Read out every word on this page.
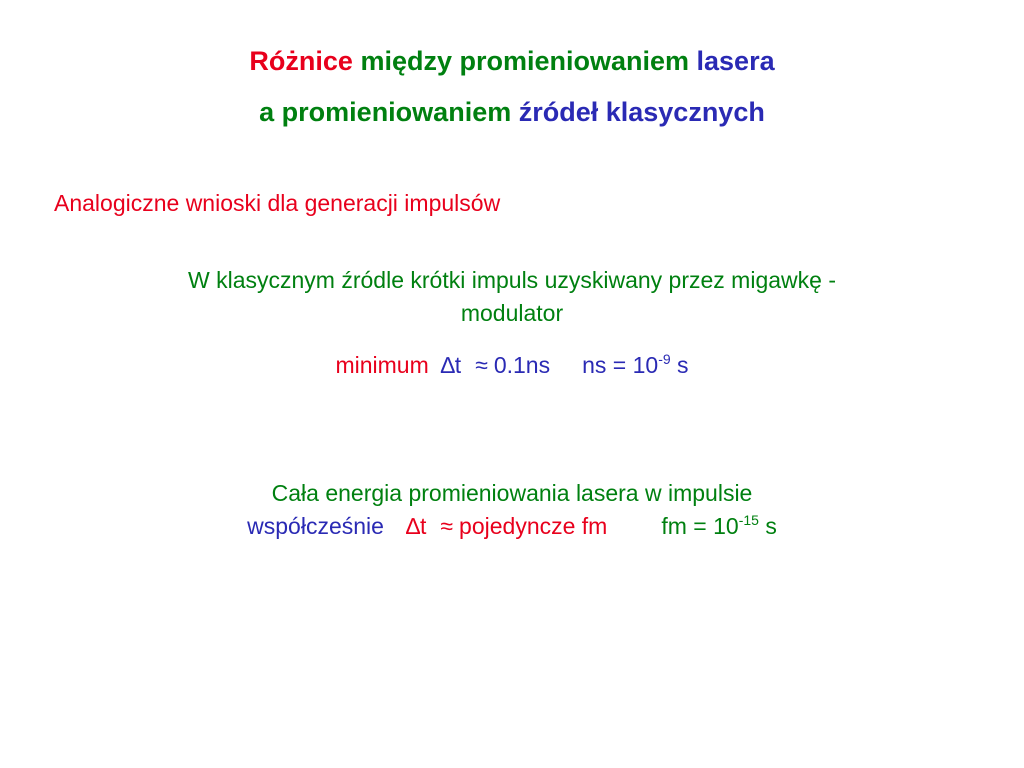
Różnice między promieniowaniem lasera
a promieniowaniem źródeł klasycznych
Analogiczne wnioski dla generacji impulsów
W klasycznym źródle krótki impuls uzyskiwany przez migawkę -
modulator
minimum ∆t ≈ 0.1ns ns = $10^{-9}$ s
Cała energia promieniowania lasera w impulsie
współcześnie ∆t ≈ pojedyncze fm fm = $10^{-15}$ s
